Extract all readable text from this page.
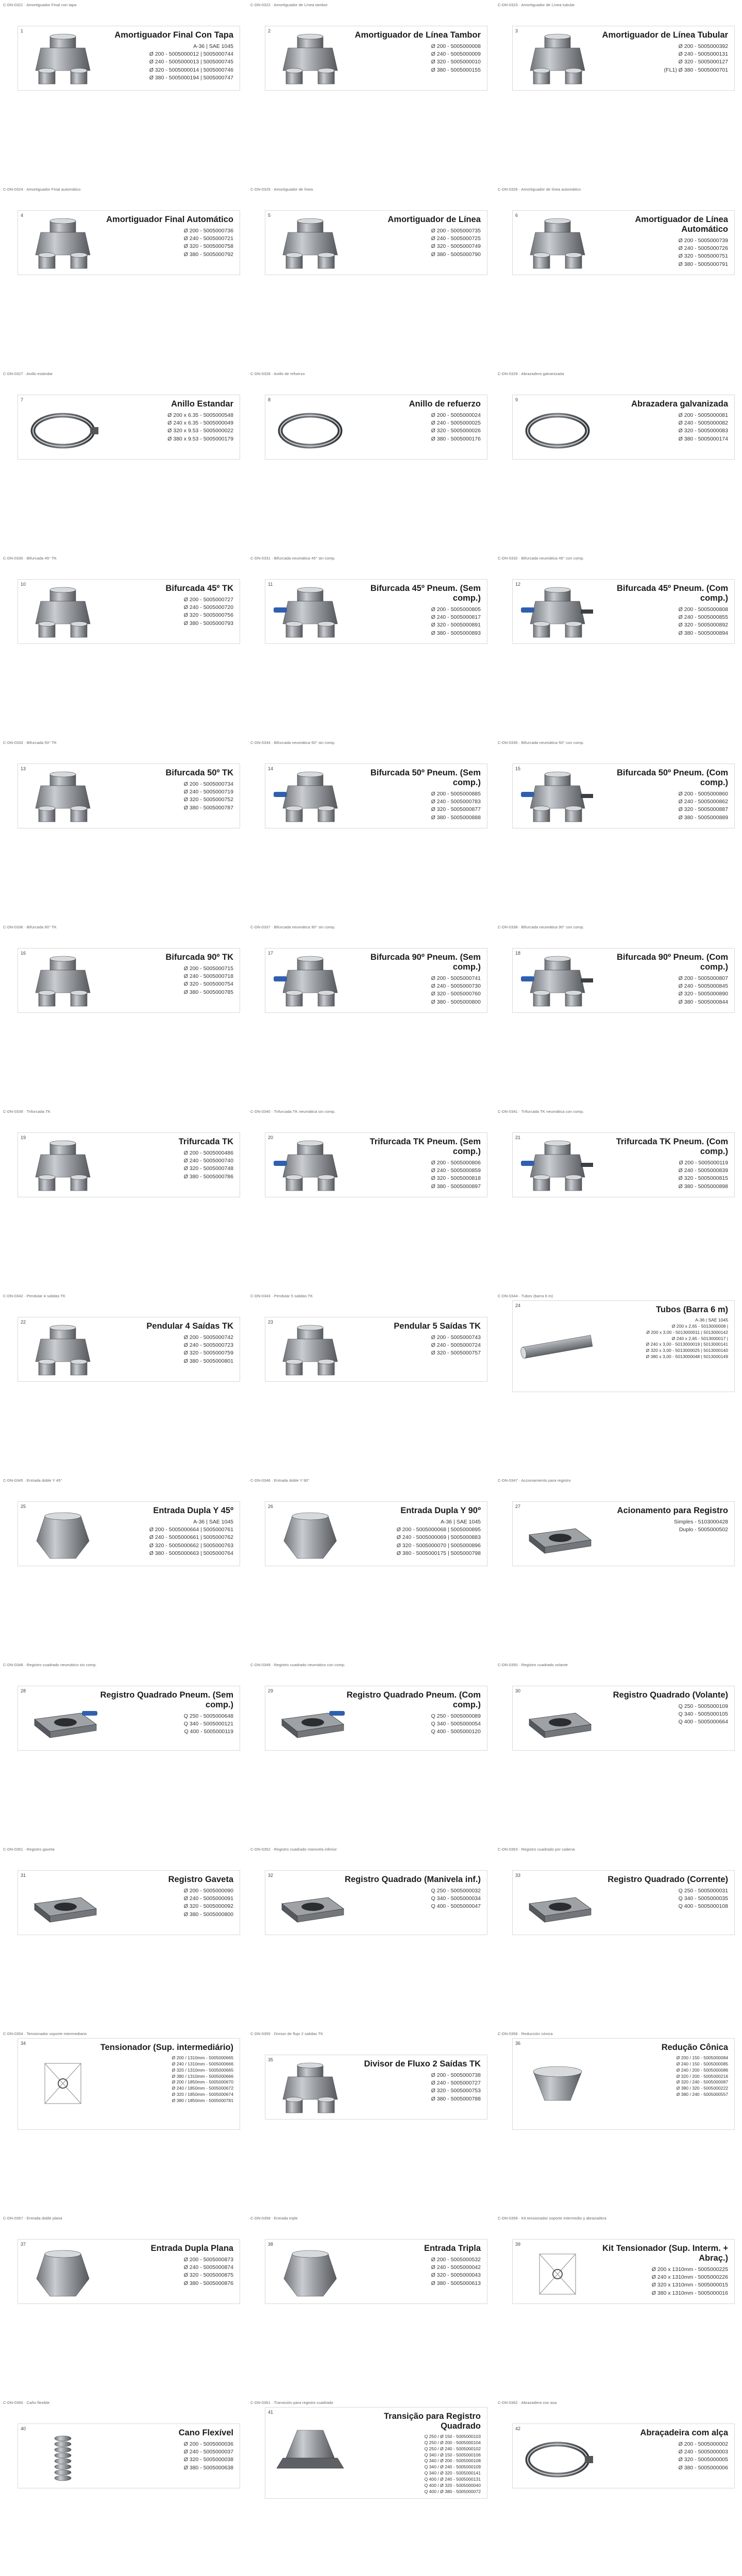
C-DN-0321 · Amortiguador Final con tapa
1	Amortiguador Final Con Tapa
A-36 | SAE 1045
Ø 200 - 5005000012 | 5005000744
Ø 240 - 5005000013 | 5005000745
Ø 320 - 5005000014 | 5005000746
Ø 380 - 5005000194 | 5005000747
C-DN-0322 · Amortiguador de Línea tambor
2	Amortiguador de Línea Tambor
Ø 200 - 5005000008
Ø 240 - 5005000009
Ø 320 - 5005000010
Ø 380 - 5005000155
C-DN-0323 · Amortiguador de Línea tubular
3	Amortiguador de Línea Tubular
Ø 200 - 5005000392
Ø 240 - 5005000131
Ø 320 - 5005000127
(FL1) Ø 380 - 5005000701
C-DN-0324 · Amortiguador Final automático
4	Amortiguador Final Automático
Ø 200 - 5005000736
Ø 240 - 5005000721
Ø 320 - 5005000758
Ø 380 - 5005000792
C-DN-0325 · Amortiguador de línea
5	Amortiguador de Línea
Ø 200 - 5005000735
Ø 240 - 5005000725
Ø 320 - 5005000749
Ø 380 - 5005000790
C-DN-0326 · Amortiguador de línea automático
6	Amortiguador de Línea Automático
Ø 200 - 5005000739
Ø 240 - 5005000726
Ø 320 - 5005000751
Ø 380 - 5005000791
C-DN-0327 · Anillo estándar
7	Anillo Estandar
Ø 200 x 6.35 - 5005000548
Ø 240 x 6.35 - 5005000049
Ø 320 x 9.53 - 5005000022
Ø 380 x 9.53 - 5005000179
C-DN-0328 · Anillo de refuerzo
8	Anillo de refuerzo
Ø 200 - 5005000024
Ø 240 - 5005000025
Ø 320 - 5005000026
Ø 380 - 5005000176
C-DN-0329 · Abrazadera galvanizada
9	Abrazadera galvanizada
Ø 200 - 5005000081
Ø 240 - 5005000082
Ø 320 - 5005000083
Ø 380 - 5005000174
C-DN-0330 · Bifurcada 45° TK
10	Bifurcada 45º TK
Ø 200 - 5005000727
Ø 240 - 5005000720
Ø 320 - 5005000756
Ø 380 - 5005000793
C-DN-0331 · Bifurcada neumática 45° sin comp.
11	Bifurcada 45º Pneum. (Sem comp.)
Ø 200 - 5005000805
Ø 240 - 5005000817
Ø 320 - 5005000891
Ø 380 - 5005000893
C-DN-0332 · Bifurcada neumática 45° con comp.
12	Bifurcada 45º Pneum. (Com comp.)
Ø 200 - 5005000808
Ø 240 - 5005000855
Ø 320 - 5005000892
Ø 380 - 5005000894
C-DN-0333 · Bifurcada 50° TK
13	Bifurcada 50º TK
Ø 200 - 5005000734
Ø 240 - 5005000719
Ø 320 - 5005000752
Ø 380 - 5005000787
C-DN-0334 · Bifurcada neumática 50° sin comp.
14	Bifurcada 50º Pneum. (Sem comp.)
Ø 200 - 5005000885
Ø 240 - 5005000783
Ø 320 - 5005000877
Ø 380 - 5005000888
C-DN-0335 · Bifurcada neumática 50° con comp.
15	Bifurcada 50º Pneum. (Com comp.)
Ø 200 - 5005000860
Ø 240 - 5005000862
Ø 320 - 5005000887
Ø 380 - 5005000889
C-DN-0336 · Bifurcada 90° TK
16	Bifurcada 90º TK
Ø 200 - 5005000715
Ø 240 - 5005000718
Ø 320 - 5005000754
Ø 380 - 5005000785
C-DN-0337 · Bifurcada neumática 90° sin comp.
17	Bifurcada 90º Pneum. (Sem comp.)
Ø 200 - 5005000741
Ø 240 - 5005000730
Ø 320 - 5005000760
Ø 380 - 5005000800
C-DN-0338 · Bifurcada neumática 90° con comp.
18	Bifurcada 90º Pneum. (Com comp.)
Ø 200 - 5005000807
Ø 240 - 5005000845
Ø 320 - 5005000890
Ø 380 - 5005000844
C-DN-0339 · Trifurcada TK
19	Trifurcada TK
Ø 200 - 5005000486
Ø 240 - 5005000740
Ø 320 - 5005000748
Ø 380 - 5005000786
C-DN-0340 · Trifurcada TK neumática sin comp.
20	Trifurcada TK Pneum. (Sem comp.)
Ø 200 - 5005000806
Ø 240 - 5005000859
Ø 320 - 5005000818
Ø 380 - 5005000897
C-DN-0341 · Trifurcada TK neumática con comp.
21	Trifurcada TK Pneum. (Com comp.)
Ø 200 - 5005000119
Ø 240 - 5005000839
Ø 320 - 5005000815
Ø 380 - 5005000898
C-DN-0342 · Pendular 4 salidas TK
22	Pendular 4 Saídas TK
Ø 200 - 5005000742
Ø 240 - 5005000723
Ø 320 - 5005000759
Ø 380 - 5005000801
C-DN-0343 · Pendular 5 salidas TK
23	Pendular 5 Saídas TK
Ø 200 - 5005000743
Ø 240 - 5005000724
Ø 320 - 5005000757
C-DN-0344 · Tubos (barra 6 m)
24	Tubos (Barra 6 m)
A-36 | SAE 1045
Ø 200 x 2,65 - 5013000008 |
Ø 200 x 3,00 - 5013000011 | 5013000142
Ø 240 x 2,65 - 5013000017 |
Ø 240 x 3,00 - 5013000019 | 5013000141
Ø 320 x 3,00 - 5013000025 | 5013000140
Ø 380 x 3,00 - 5013000048 | 5013000149
C-DN-0345 · Entrada doble Y 45°
25	Entrada Dupla Y 45º
A-36 | SAE 1045
Ø 200 - 5005000664 | 5005000761
Ø 240 - 5005000661 | 5005000762
Ø 320 - 5005000662 | 5005000763
Ø 380 - 5005000663 | 5005000764
C-DN-0346 · Entrada doble Y 90°
26	Entrada Dupla Y 90º
A-36 | SAE 1045
Ø 200 - 5005000068 | 5005000895
Ø 240 - 5005000069 | 5005000883
Ø 320 - 5005000070 | 5005000896
Ø 380 - 5005000175 | 5005000798
C-DN-0347 · Accionamiento para registro
27	Acionamento para Registro
Simples - 5103000428
Duplo - 5005000502
C-DN-0348 · Registro cuadrado neumático sin comp.
28	Registro Quadrado Pneum. (Sem comp.)
Q 250 - 5005000648
Q 340 - 5005000121
Q 400 - 5005000119
C-DN-0349 · Registro cuadrado neumático con comp.
29	Registro Quadrado Pneum. (Com comp.)
Q 250 - 5005000089
Q 340 - 5005000054
Q 400 - 5005000120
C-DN-0350 · Registro cuadrado volante
30	Registro Quadrado (Volante)
Q 250 - 5005000109
Q 340 - 5005000105
Q 400 - 5005000664
C-DN-0351 · Registro gaveta
31	Registro Gaveta
Ø 200 - 5005000090
Ø 240 - 5005000091
Ø 320 - 5005000092
Ø 380 - 5005000800
C-DN-0352 · Registro cuadrado manivela inferior
32	Registro Quadrado (Manivela inf.)
Q 250 - 5005000032
Q 340 - 5005000034
Q 400 - 5005000047
C-DN-0353 · Registro cuadrado por cadena
33	Registro Quadrado (Corrente)
Q 250 - 5005000031
Q 340 - 5005000035
Q 400 - 5005000108
C-DN-0354 · Tensionador soporte intermediario
34	Tensionador (Sup. intermediário)
Ø 200 / 1310mm - 5005000665
Ø 240 / 1310mm - 5005000666
Ø 320 / 1310mm - 5005000665
Ø 380 / 1310mm - 5005000666
Ø 200 / 1850mm - 5005000670
Ø 240 / 1850mm - 5005000672
Ø 320 / 1850mm - 5005000674
Ø 380 / 1850mm - 5005000781
C-DN-0355 · Divisor de flujo 2 salidas TK
35	Divisor de Fluxo 2 Saídas TK
Ø 200 - 5005000738
Ø 240 - 5005000727
Ø 320 - 5005000753
Ø 380 - 5005000788
C-DN-0356 · Reducción cónica
36	Redução Cônica
Ø 200 / 150 - 5005000084
Ø 240 / 150 - 5005000085
Ø 240 / 200 - 5005000086
Ø 320 / 200 - 5005000216
Ø 320 / 240 - 5005000087
Ø 380 / 320 - 5005000222
Ø 380 / 240 - 5005000557
C-DN-0357 · Entrada doble plana
37	Entrada Dupla Plana
Ø 200 - 5005000873
Ø 240 - 5005000874
Ø 320 - 5005000875
Ø 380 - 5005000876
C-DN-0358 · Entrada triple
38	Entrada Tripla
Ø 200 - 5005000532
Ø 240 - 5005000042
Ø 320 - 5005000043
Ø 380 - 5005000613
C-DN-0359 · Kit tensionador soporte intermedio y abrazadera
39	Kit Tensionador (Sup. Interm. + Abraç.)
Ø 200 x 1310mm - 5005000225
Ø 240 x 1310mm - 5005000226
Ø 320 x 1310mm - 5005000015
Ø 380 x 1310mm - 5005000016
C-DN-0360 · Caño flexible
40	Cano Flexível
Ø 200 - 5005000036
Ø 240 - 5005000037
Ø 320 - 5005000038
Ø 380 - 5005000638
C-DN-0361 · Transición para registro cuadrado
41	Transição para Registro Quadrado
Q 250 / Ø 150 - 5005000103
Q 250 / Ø 200 - 5005000104
Q 250 / Ø 240 - 5005000102
Q 340 / Ø 150 - 5005000106
Q 340 / Ø 200 - 5005000108
Q 340 / Ø 240 - 5005000109
Q 340 / Ø 320 - 5005000141
Q 400 / Ø 240 - 5005000131
Q 400 / Ø 320 - 5005000040
Q 400 / Ø 380 - 5005000072
C-DN-0362 · Abrazadera con asa
42	Abraçadeira com alça
Ø 200 - 5005000002
Ø 240 - 5005000003
Ø 320 - 5005000005
Ø 380 - 5005000006
